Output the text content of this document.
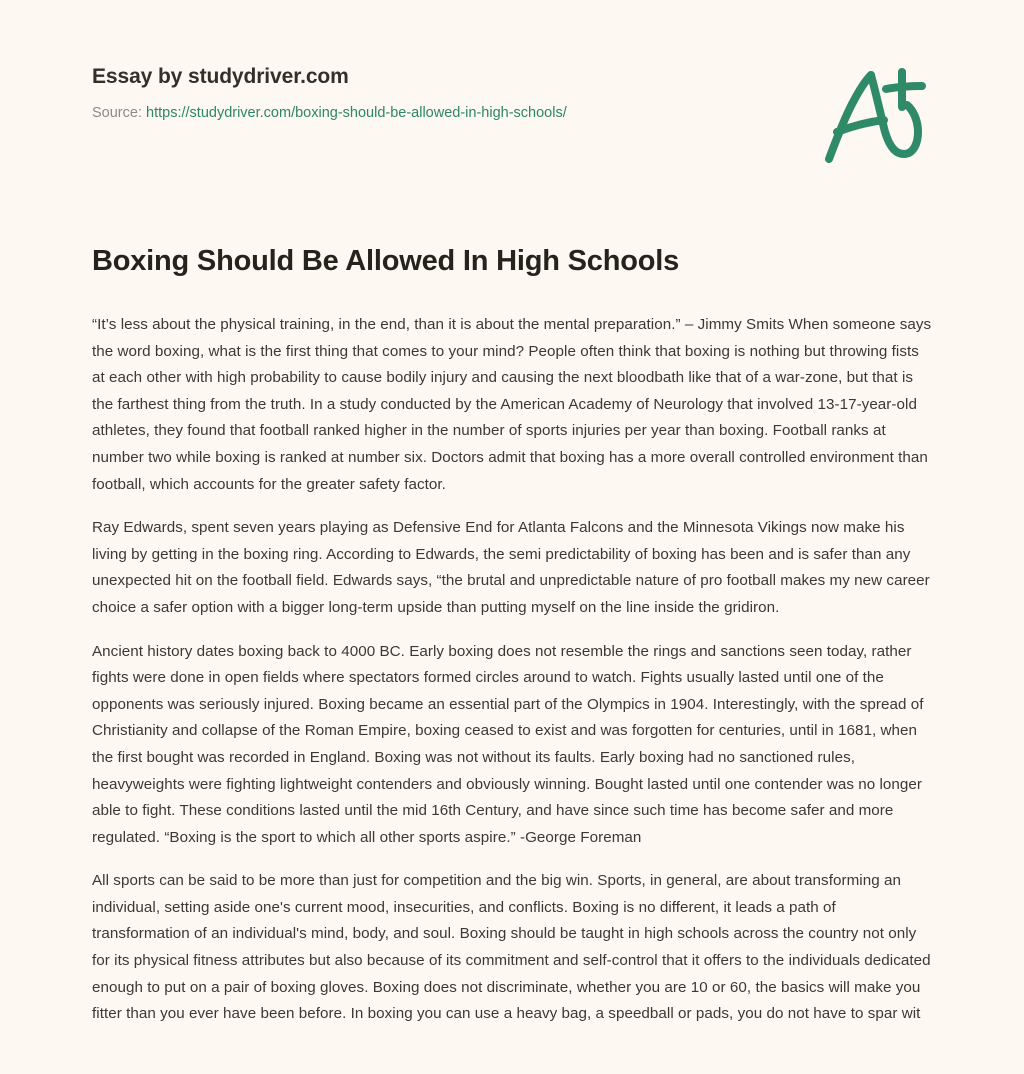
Essay by studydriver.com
Source: https://studydriver.com/boxing-should-be-allowed-in-high-schools/
Boxing Should Be Allowed In High Schools

“It’s less about the physical training, in the end, than it is about the mental preparation.” – Jimmy Smits When someone says the word boxing, what is the first thing that comes to your mind? People often think that boxing is nothing but throwing fists at each other with high probability to cause bodily injury and causing the next bloodbath like that of a war-zone, but that is the farthest thing from the truth. In a study conducted by the American Academy of Neurology that involved 13-17-year-old athletes, they found that football ranked higher in the number of sports injuries per year than boxing. Football ranks at number two while boxing is ranked at number six. Doctors admit that boxing has a more overall controlled environment than football, which accounts for the greater safety factor.

Ray Edwards, spent seven years playing as Defensive End for Atlanta Falcons and the Minnesota Vikings now make his living by getting in the boxing ring. According to Edwards, the semi predictability of boxing has been and is safer than any unexpected hit on the football field. Edwards says, “the brutal and unpredictable nature of pro football makes my new career choice a safer option with a bigger long-term upside than putting myself on the line inside the gridiron.

Ancient history dates boxing back to 4000 BC. Early boxing does not resemble the rings and sanctions seen today, rather fights were done in open fields where spectators formed circles around to watch. Fights usually lasted until one of the opponents was seriously injured. Boxing became an essential part of the Olympics in 1904. Interestingly, with the spread of Christianity and collapse of the Roman Empire, boxing ceased to exist and was forgotten for centuries, until in 1681, when the first bought was recorded in England. Boxing was not without its faults. Early boxing had no sanctioned rules, heavyweights were fighting lightweight contenders and obviously winning. Bought lasted until one contender was no longer able to fight. These conditions lasted until the mid 16th Century, and have since such time has become safer and more regulated. “Boxing is the sport to which all other sports aspire.” -George Foreman

All sports can be said to be more than just for competition and the big win. Sports, in general, are about transforming an individual, setting aside one's current mood, insecurities, and conflicts. Boxing is no different, it leads a path of transformation of an individual's mind, body, and soul. Boxing should be taught in high schools across the country not only for its physical fitness attributes but also because of its commitment and self-control that it offers to the individuals dedicated enough to put on a pair of boxing gloves. Boxing does not discriminate, whether you are 10 or 60, the basics will make you fitter than you ever have been before. In boxing you can use a heavy bag, a speedball or pads, you do not have to spar wit
